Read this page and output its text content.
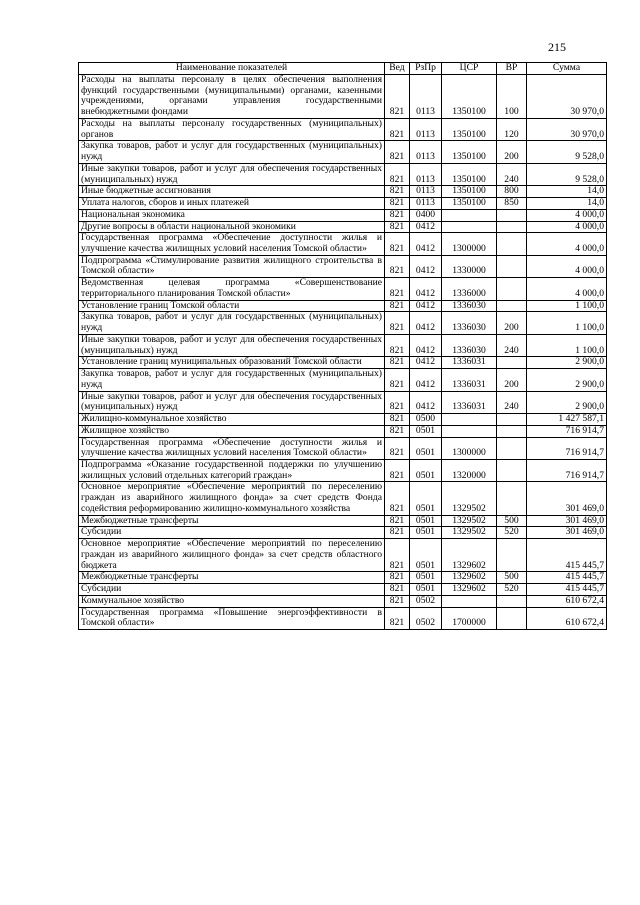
215
Наименование показателей	Вед	РзПр	ЦСР	ВР	Сумма
Расходы на выплаты персоналу в целях обеспечения выполнения функций государственными (муниципальными) органами, казенными учреждениями, органами управления государственными внебюджетными фондами	821	0113	1350100	100	30 970,0
Расходы на выплаты персоналу государственных (муниципальных) органов	821	0113	1350100	120	30 970,0
Закупка товаров, работ и услуг для государственных (муниципальных) нужд	821	0113	1350100	200	9 528,0
Иные закупки товаров, работ и услуг для обеспечения государственных (муниципальных) нужд	821	0113	1350100	240	9 528,0
Иные бюджетные ассигнования	821	0113	1350100	800	14,0
Уплата налогов, сборов и иных платежей	821	0113	1350100	850	14,0
Национальная экономика	821	0400			4 000,0
Другие вопросы в области национальной экономики	821	0412			4 000,0
Государственная программа «Обеспечение доступности жилья и улучшение качества жилищных условий населения Томской области»	821	0412	1300000		4 000,0
Подпрограмма «Стимулирование развития жилищного строительства в Томской области»	821	0412	1330000		4 000,0
Ведомственная целевая программа «Совершенствование территориального планирования Томской области»	821	0412	1336000		4 000,0
Установление границ Томской области	821	0412	1336030		1 100,0
Закупка товаров, работ и услуг для государственных (муниципальных) нужд	821	0412	1336030	200	1 100,0
Иные закупки товаров, работ и услуг для обеспечения государственных (муниципальных) нужд	821	0412	1336030	240	1 100,0
Установление границ муниципальных образований Томской области	821	0412	1336031		2 900,0
Закупка товаров, работ и услуг для государственных (муниципальных) нужд	821	0412	1336031	200	2 900,0
Иные закупки товаров, работ и услуг для обеспечения государственных (муниципальных) нужд	821	0412	1336031	240	2 900,0
Жилищно-коммунальное хозяйство	821	0500			1 427 587,1
Жилищное хозяйство	821	0501			716 914,7
Государственная программа «Обеспечение доступности жилья и улучшение качества жилищных условий населения Томской области»	821	0501	1300000		716 914,7
Подпрограмма «Оказание государственной поддержки по улучшению жилищных условий отдельных категорий граждан»	821	0501	1320000		716 914,7
Основное мероприятие «Обеспечение мероприятий по переселению граждан из аварийного жилищного фонда» за счет средств Фонда содействия реформированию жилищно-коммунального хозяйства	821	0501	1329502		301 469,0
Межбюджетные трансферты	821	0501	1329502	500	301 469,0
Субсидии	821	0501	1329502	520	301 469,0
Основное мероприятие «Обеспечение мероприятий по переселению граждан из аварийного жилищного фонда» за счет средств областного бюджета	821	0501	1329602		415 445,7
Межбюджетные трансферты	821	0501	1329602	500	415 445,7
Субсидии	821	0501	1329602	520	415 445,7
Коммунальное хозяйство	821	0502			610 672,4
Государственная программа «Повышение энергоэффективности в Томской области»	821	0502	1700000		610 672,4
